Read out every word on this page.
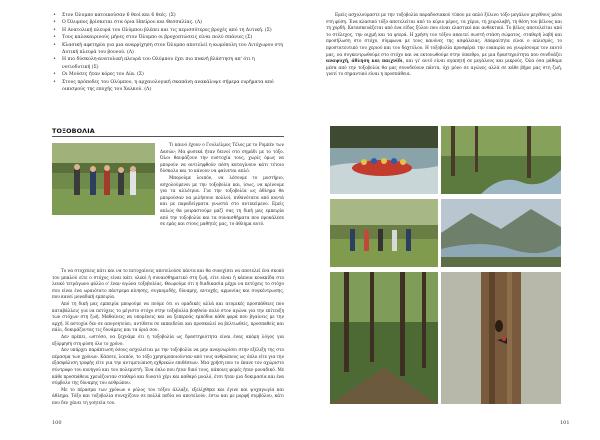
• Στον Όλυμπο κατοικούσαν 6 θεοί και 6 θεές. (Σ)
• Ο Όλυμπος βρίσκεται στα όρια Ηπείρου και Θεσσαλίας. (Λ)
• Η Ανατολική πλευρά του Ολύμπου βλέπει και τις περισσότερες βροχές από τη Δυτική. (Σ)
• Τους καλοκαιρινούς μήνες στον Όλυμπο οι βροχοπτώσεις είναι πολύ σπάνιες (Σ)
• Κλασική αφετηρία για μια αναρρίχηση στον Όλυμπο αποτελεί η κωμόπολη του Λιτόχωρου στη Δυτική πλευρά του βουνού. (Λ)
• Η πιο δύσκολη-ανατολική πλευρά του Ολύμπου έχει πιο πυκνή βλάστηση απ' ότι η νοτιοδυτική (Σ)
• Οι Μούσες ήταν κόρες του Δία. (Σ)
• Στους πρόποδες του Ολύμπου, η αρχαιολογική σκαπάνη ανακάλυψε σήμερα ευρήματα από οικισμούς της εποχής του Χαλκού. (Λ)
ΤΟΞΟΒΟΛΙΑ

Τι καινό έχουν ο Γουλιέλμος Τέλος με το Ρομπέν των Δασών; Μα φυσικά ήταν δεινοί στο σημάδι με το τόξο. Όλοι θαυμάζουν την ευστοχία τους, χωρίς όμως να μπορούν να αντιληφθούν πόση καταγίνουν κάτι τέτοιο δύσκολο και το κάνουν να φαίνεται απλό.

Μπορούμε λοιπόν, να λέσουμε το μυστήριο, ασχολούμενοι με την τοξοβολία και, ίσως, να κρίνουμε για τα αλλότρια. Για την τοξοβολία ως άθλημα θα μπορούσαν να μιλήσουν πολλοί, πιθανότατα από κοντά και με παραδείγματα γνωστά στο αντικείμενο. Εμείς απλώς θα μοιραστούμε μαζί σας τη δική μας εμπειρία από την τοξοβολία και τα συναισθήματα που προκάλεσε σε εμάς και στους μαθητές μας, το άθλημα αυτό.

Το να στοχεύεις κάτι και να το πετυχαίνεις αποτελούσε πάντα και θα συνεχίσει να αποτελεί ένα σκοπό του μπαλού είτε ο στόχος είναι κάτι υλικό ή συναισθηματικό στη ζωή, είτε είναι ή κάποια κουκκίδα στο λευκό τετράγωνο φύλλο ο' έναν αγώνα τοξοβολίας. Θεωρούμε ότι η διαδικασία μέχρι να πετύχεις το στόχο σου είναι ένα ωραιότατο πάντρεμα κίνησης, συγκομιδής, δύναμης, αντοχής, αρμονίας και συγκέντρωσης, που κανεί μοναδική εμπειρία.

Από τη δική μας εμπειρία μπορούμε να πούμε ότι οι ομαδικές αλλά και ατομικές προσπάθειες που καταβάλλεις για να πετύχεις το μέγιστο στόχο στην τοξοβολία βοηθούν πολύ στον αγώνα για την επίτευξη των στόχων στη ζωή. Μαθαίνεις να υπομένεις και να ξεπερνάς εμπόδια κάθε φορά που βγαίνεις με την αρχή. Η αστοχία δεν σε απογοητεύει, αντίθετα σε εκπαιδεύει και προσκαλεί να βελτιωθείς, προσπαθείς και πάλι, δοκιμάζοντας τις δυνάμεις και τα όριά σου.

Δεν πρέπει, ωστόσο, να ξεχνάμε ότι η τοξοβολία ως δραστηριότητα είναι ένας ακόμη λόγος για εξόρμηση στη φύση όλο το χρόνο.

Δεν υπάρχει παράπτωση όσους ασχολείται με την τοξοβολία να μην αναγνωρίσει στην εξέλιξη της στο πέρασμα των χρόνων. Κάποτε, λοιπόν, το τόξο χρησιμοποιούνταν από τους ανθρώπους ως όπλο είτε για την εξασφάλιση τροφής είτε για την αντιμετώπιση εχθρικών επιθέσεων. Μια χρήση που το έκανε τον αχώριστο σύντροφο του κυνηγού και του πολεμιστή. Ένα όπλο που ήταν δικό τους, κάποιες φορές ήταν μοναδικό. Με κάθε προσπάθεια χρειάζονταν σταθερό και δυνατό χέρι και καθαρό μυαλό, έτσι ήταν μια δοκιμασία και ένα σύμβολο της δύναμης του ανθρώπου.

Με το πέρασμα των χρόνων ο ρόλος του τόξου άλλαξε, εξελίχθηκε και έγινε και ψυχαγωγία και άθλημα. Τόξο και τοξοβολία συνεχίζουν σε πολλά πεδία να αποτελούν, έστω και με μορφή συμβόλου, κάτι που δεν χάνει τη γοητεία του.

100

Εμείς ασχολούμαστε με την τοξοβολία παραδοσιακού τύπου με απλό ξύλινο τόξο μεγάλου μεγέθους μέσα στη φύση. Ένα κλασικό τόξο αποτελείται από το κύριο μέρος, τα χέρια, τη χειρολαβή, τη θέση του βέλους και τη χορδή. Κατασκευάζεται από ένα είδος ξύλου που είναι ελαστικό και ανθεκτικό. Το βέλος αποτελείται από το στέλεχος, την αιχμή και τα φτερά. Η χρήση του τόξου απαιτεί σωστή στάση σώματος, σταθερή λαβή και προσήλωση στο στόχο, σύμφωνα με τους κανόνες της ασφάλειας. Απαραίτητα είναι ο οπλισμός, το προστατευτικό του χεριού και του δαχτύλου. Η τοξοβολία προσφέρει την ευκαιρία να γνωρίσουμε τον εαυτό μας, να συγκεντρωθούμε στο στόχο και να εκτονωθούμε στην ύπαιθρο, με μια δραστηριότητα που συνδυάζει αναψυχή, άθληση και παιχνίδι, και γι' αυτό είναι αγαπητή σε μεγάλους και μικρούς. Όλα όσα μάθαμε μέσα από την τοξοβολία θα μας συνοδεύουν πάντα, όχι μόνο σε αγώνες αλλά σε κάθε βήμα μας στη ζωή, γιατί το σημαντικό είναι η προσπάθεια.

101
